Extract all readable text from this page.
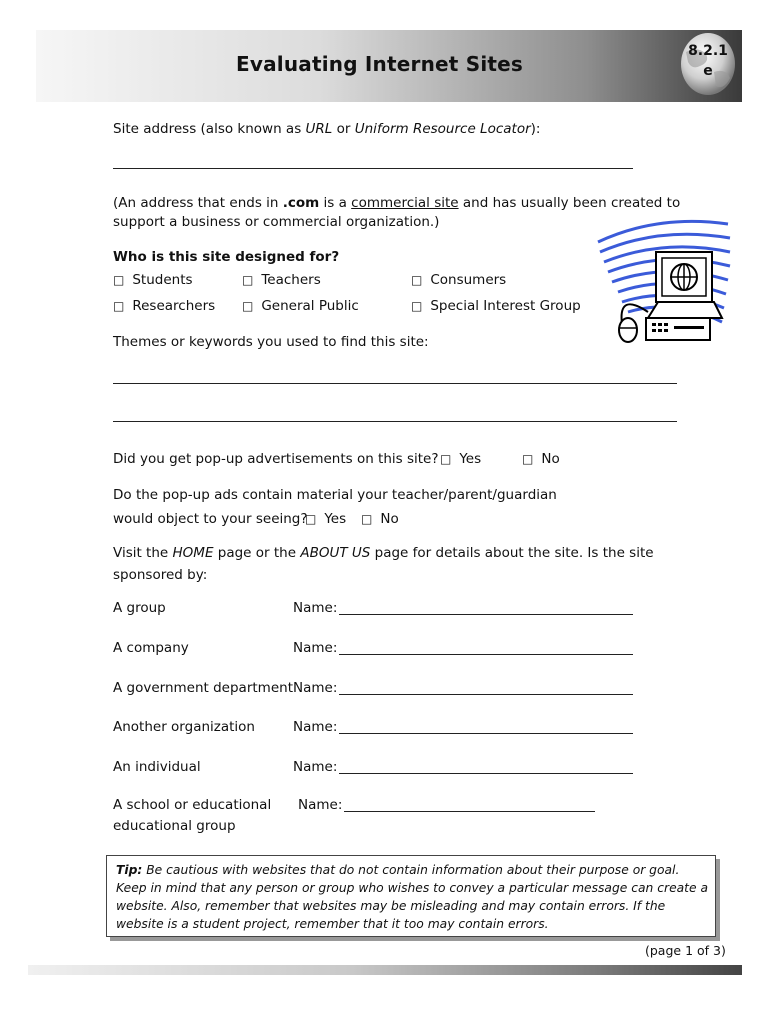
Evaluating Internet Sites
8.2.1
e
Site address (also known as URL or Uniform Resource Locator):
(An address that ends in .com is a commercial site and has usually been created to
support a business or commercial organization.)
Who is this site designed for?
□ Students	□ Teachers	□ Consumers
□ Researchers □ General Public	□ Special Interest Group
Themes or keywords you used to find this site:
Did you get pop-up advertisements on this site? □ Yes	□ No
Do the pop-up ads contain material your teacher/parent/guardian
would object to your seeing?
□ Yes □ No
Visit the HOME page or the ABOUT US page for details about the site. Is the site
sponsored by:
A group	Name:
A company	Name:
A government department Name:
Another organization	Name:
An individual	Name:
A school or educational
educational group
Name:
Tip: Be cautious with websites that do not contain information about their purpose or goal. Keep in mind that any person or group who wishes to convey a particular message can create a website. Also, remember that websites may be misleading and may contain errors. If the website is a student project, remember that it too may contain errors.
(page 1 of 3)
